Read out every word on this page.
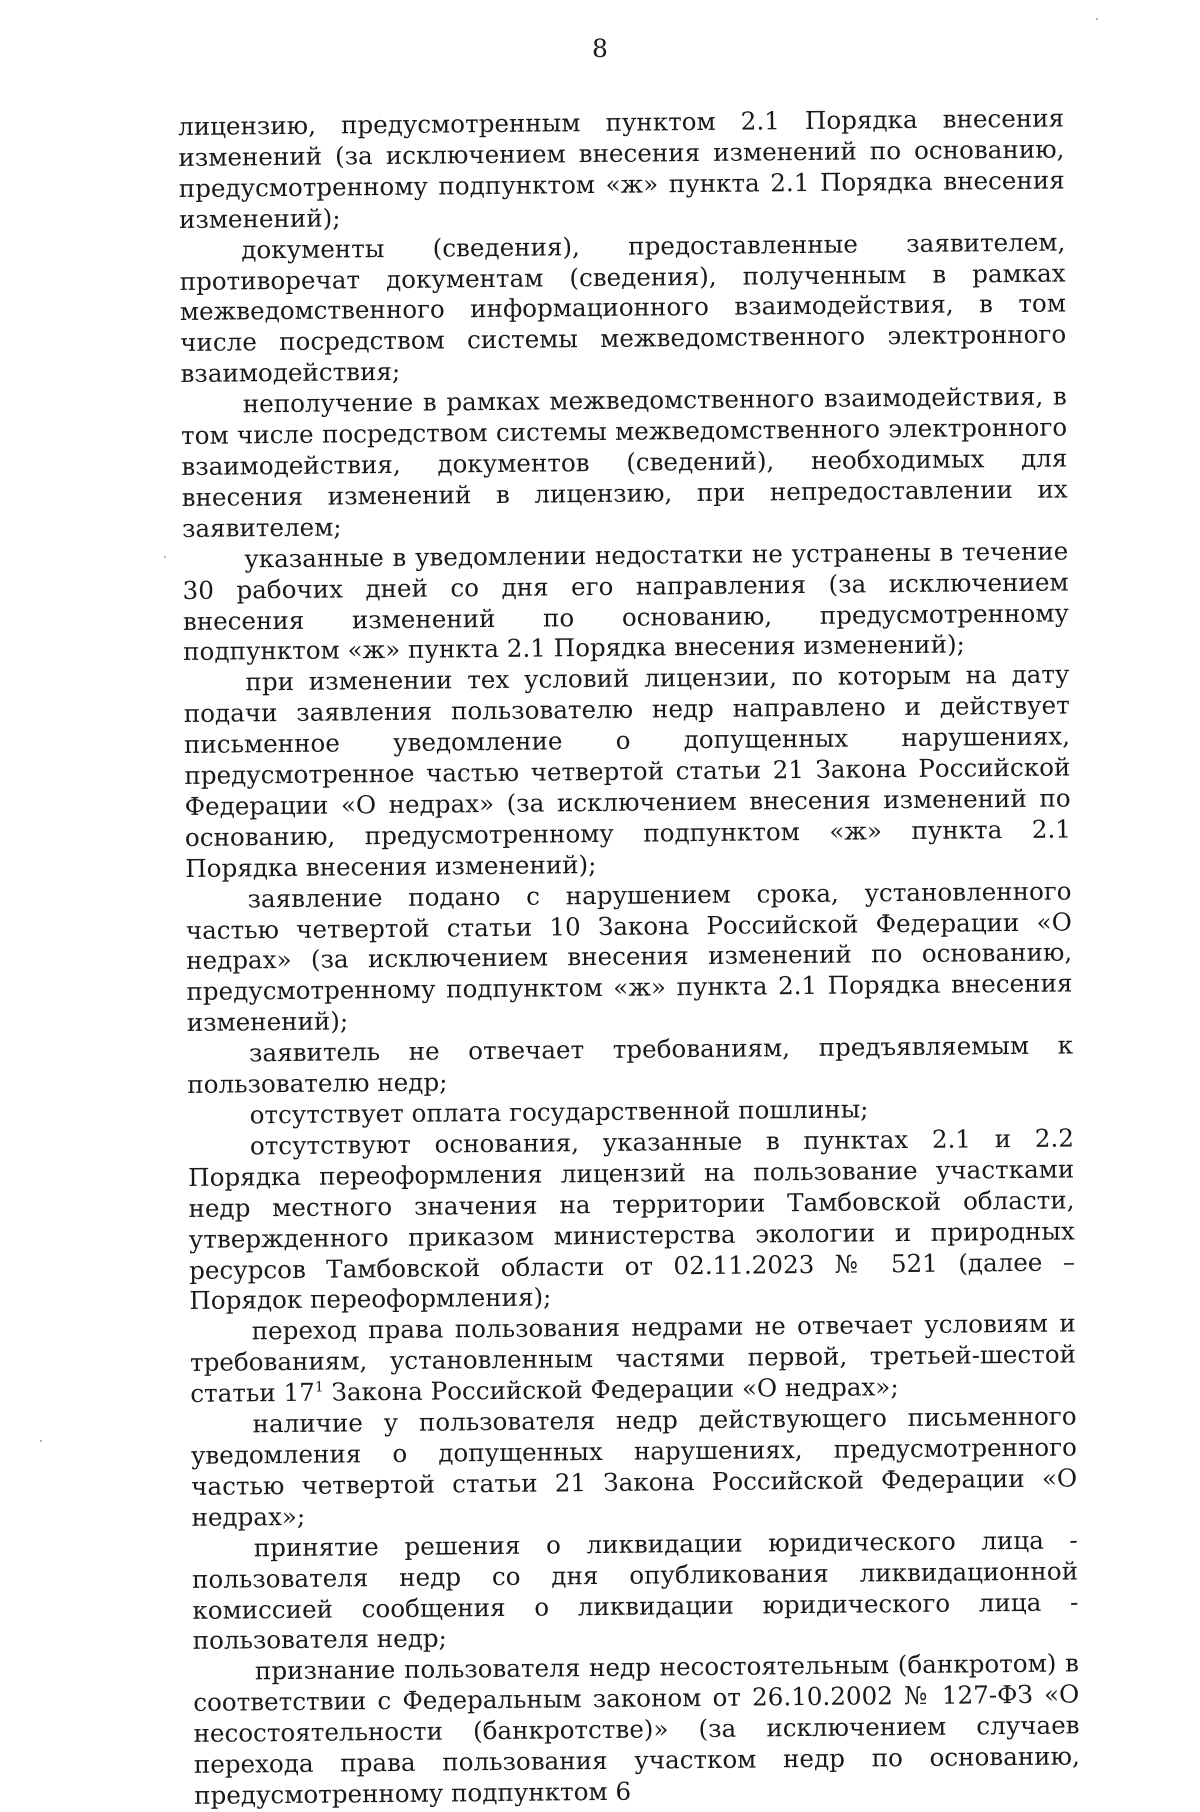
8

лицензию, предусмотренным пунктом 2.1 Порядка внесения изменений (за исключением внесения изменений по основанию, предусмотренному подпунктом «ж» пункта 2.1 Порядка внесения изменений);

документы (сведения), предоставленные заявителем, противоречат документам (сведения), полученным в рамках межведомственного информационного взаимодействия, в том числе посредством системы межведомственного электронного взаимодействия;

неполучение в рамках межведомственного взаимодействия, в том числе посредством системы межведомственного электронного взаимодействия, документов (сведений), необходимых для внесения изменений в лицензию, при непредоставлении их заявителем;

указанные в уведомлении недостатки не устранены в течение 30 рабочих дней со дня его направления (за исключением внесения изменений по основанию, предусмотренному подпунктом «ж» пункта 2.1 Порядка внесения изменений);

при изменении тех условий лицензии, по которым на дату подачи заявления пользователю недр направлено и действует письменное уведомление о допущенных нарушениях, предусмотренное частью четвертой статьи 21 Закона Российской Федерации «О недрах» (за исключением внесения изменений по основанию, предусмотренному подпунктом «ж» пункта 2.1 Порядка внесения изменений);

заявление подано с нарушением срока, установленного частью четвертой статьи 10 Закона Российской Федерации «О недрах» (за исключением внесения изменений по основанию, предусмотренному подпунктом «ж» пункта 2.1 Порядка внесения изменений);

заявитель не отвечает требованиям, предъявляемым к пользователю недр;

отсутствует оплата государственной пошлины;

отсутствуют основания, указанные в пунктах 2.1 и 2.2 Порядка переоформления лицензий на пользование участками недр местного значения на территории Тамбовской области, утвержденного приказом министерства экологии и природных ресурсов Тамбовской области от 02.11.2023 № 521 (далее – Порядок переоформления);

переход права пользования недрами не отвечает условиям и требованиям, установленным частями первой, третьей-шестой статьи $17^1$ Закона Российской Федерации «О недрах»;

наличие у пользователя недр действующего письменного уведомления о допущенных нарушениях, предусмотренного частью четвертой статьи 21 Закона Российской Федерации «О недрах»;

принятие решения о ликвидации юридического лица - пользователя недр со дня опубликования ликвидационной комиссией сообщения о ликвидации юридического лица - пользователя недр;

признание пользователя недр несостоятельным (банкротом) в соответствии с Федеральным законом от 26.10.2002 № 127-ФЗ «О несостоятельности (банкротстве)» (за исключением случаев перехода права пользования участком недр по основанию, предусмотренному подпунктом 6
